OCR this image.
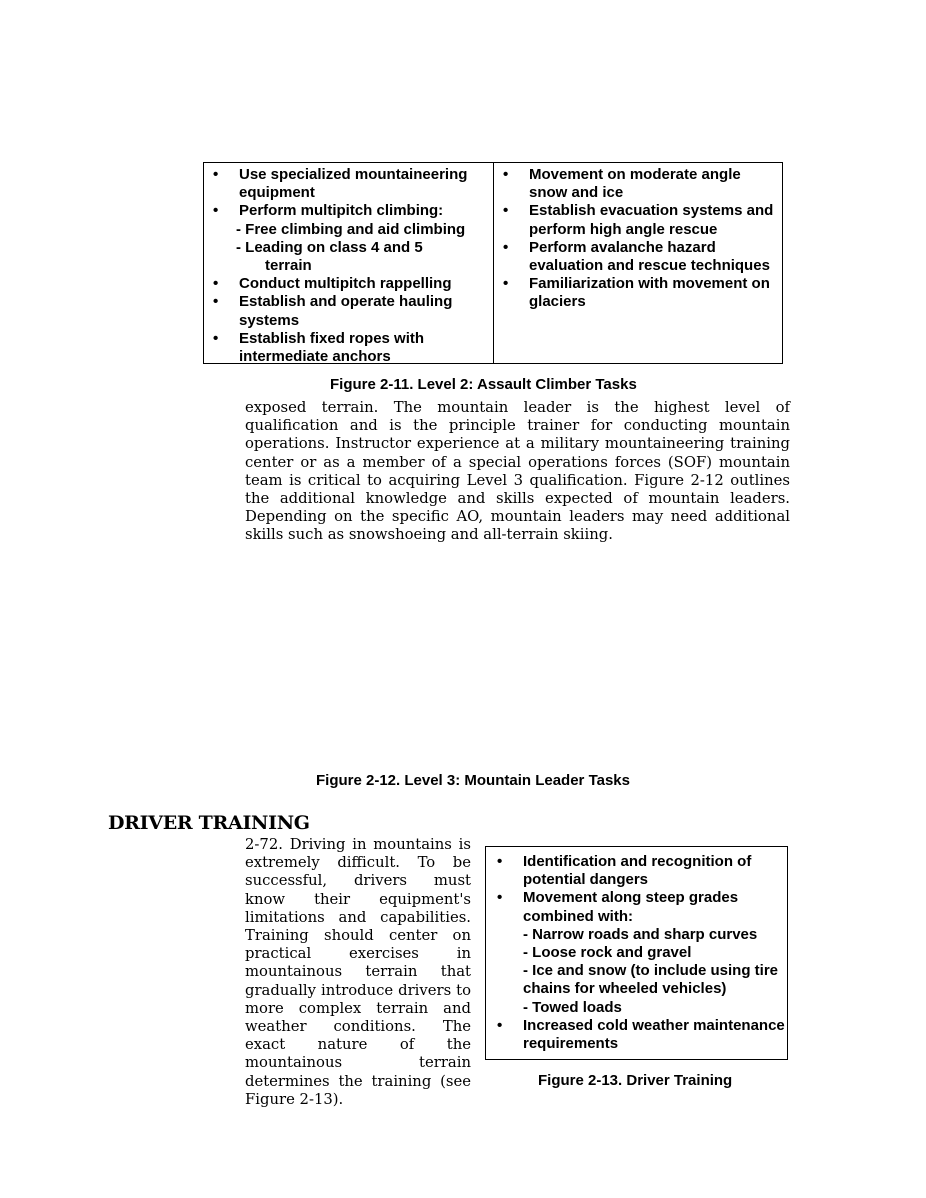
• Use specialized mountaineering equipment
• Perform multipitch climbing:
- Free climbing and aid climbing
- Leading on class 4 and 5
terrain
• Conduct multipitch rappelling
• Establish and operate hauling systems
• Establish fixed ropes with intermediate anchors
• Movement on moderate angle snow and ice
• Establish evacuation systems and perform high angle rescue
• Perform avalanche hazard evaluation and rescue techniques
• Familiarization with movement on glaciers
Figure 2-11. Level 2: Assault Climber Tasks

exposed terrain. The mountain leader is the highest level of qualification and is the principle trainer for conducting mountain operations. Instructor experience at a military mountaineering training center or as a member of a special operations forces (SOF) mountain team is critical to acquiring Level 3 qualification. Figure 2-12 outlines the additional knowledge and skills expected of mountain leaders. Depending on the specific AO, mountain leaders may need additional skills such as snowshoeing and all-terrain skiing.

Figure 2-12. Level 3: Mountain Leader Tasks
DRIVER TRAINING

2-72. Driving in mountains is extremely difficult. To be successful, drivers must know their equipment's limitations and capabilities. Training should center on practical exercises in mountainous terrain that gradually introduce drivers to more complex terrain and weather conditions. The exact nature of the mountainous terrain determines the training (see Figure 2-13).

• Identification and recognition of potential dangers
• Movement along steep grades combined with:
- Narrow roads and sharp curves
- Loose rock and gravel
- Ice and snow (to include using tire chains for wheeled vehicles)
- Towed loads
• Increased cold weather maintenance requirements
Figure 2-13. Driver Training
